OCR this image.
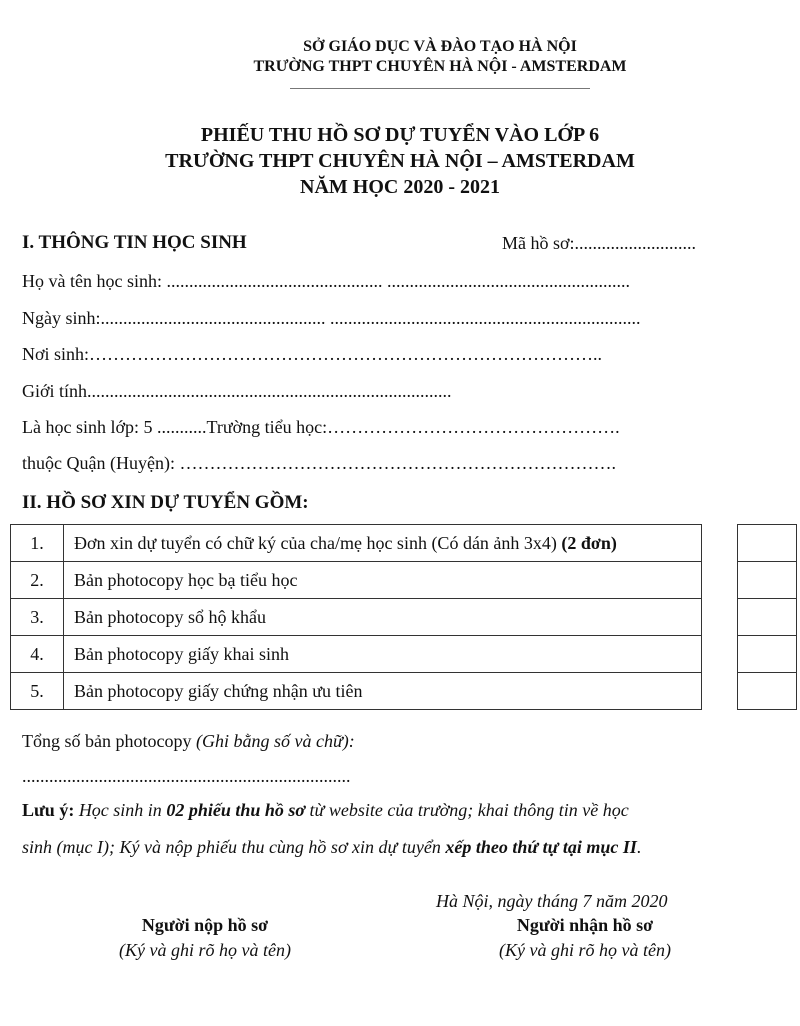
SỞ GIÁO DỤC VÀ ĐÀO TẠO HÀ NỘI
TRƯỜNG THPT CHUYÊN HÀ NỘI - AMSTERDAM
PHIẾU THU HỒ SƠ DỰ TUYỂN VÀO LỚP 6
TRƯỜNG THPT CHUYÊN HÀ NỘI – AMSTERDAM
NĂM HỌC 2020 - 2021
I. THÔNG TIN HỌC SINH	Mã hồ sơ:...........................
Họ và tên học sinh: ................................................ ......................................................
Ngày sinh:.................................................. .....................................................................
Nơi sinh:…………………………………………………………………………..
Giới tính.................................................................................
Là học sinh lớp: 5 ...........Trường tiểu học:………………………………………….
thuộc Quận (Huyện): ……………………………………………………………….
II. HỒ SƠ XIN DỰ TUYỂN GỒM:
1.	Đơn xin dự tuyển có chữ ký của cha/mẹ học sinh (Có dán ảnh 3x4) (2 đơn)
2.	Bản photocopy học bạ tiểu học
3.	Bản photocopy sổ hộ khẩu
4.	Bản photocopy giấy khai sinh
5.	Bản photocopy giấy chứng nhận ưu tiên
Tổng số bản photocopy (Ghi bằng số và chữ):
.........................................................................
Lưu ý: Học sinh in 02 phiếu thu hồ sơ từ website của trường; khai thông tin về học
sinh (mục I); Ký và nộp phiếu thu cùng hồ sơ xin dự tuyển xếp theo thứ tự tại mục II.
Hà Nội, ngày tháng 7 năm 2020
Người nộp hồ sơ
(Ký và ghi rõ họ và tên)
Người nhận hồ sơ
(Ký và ghi rõ họ và tên)
